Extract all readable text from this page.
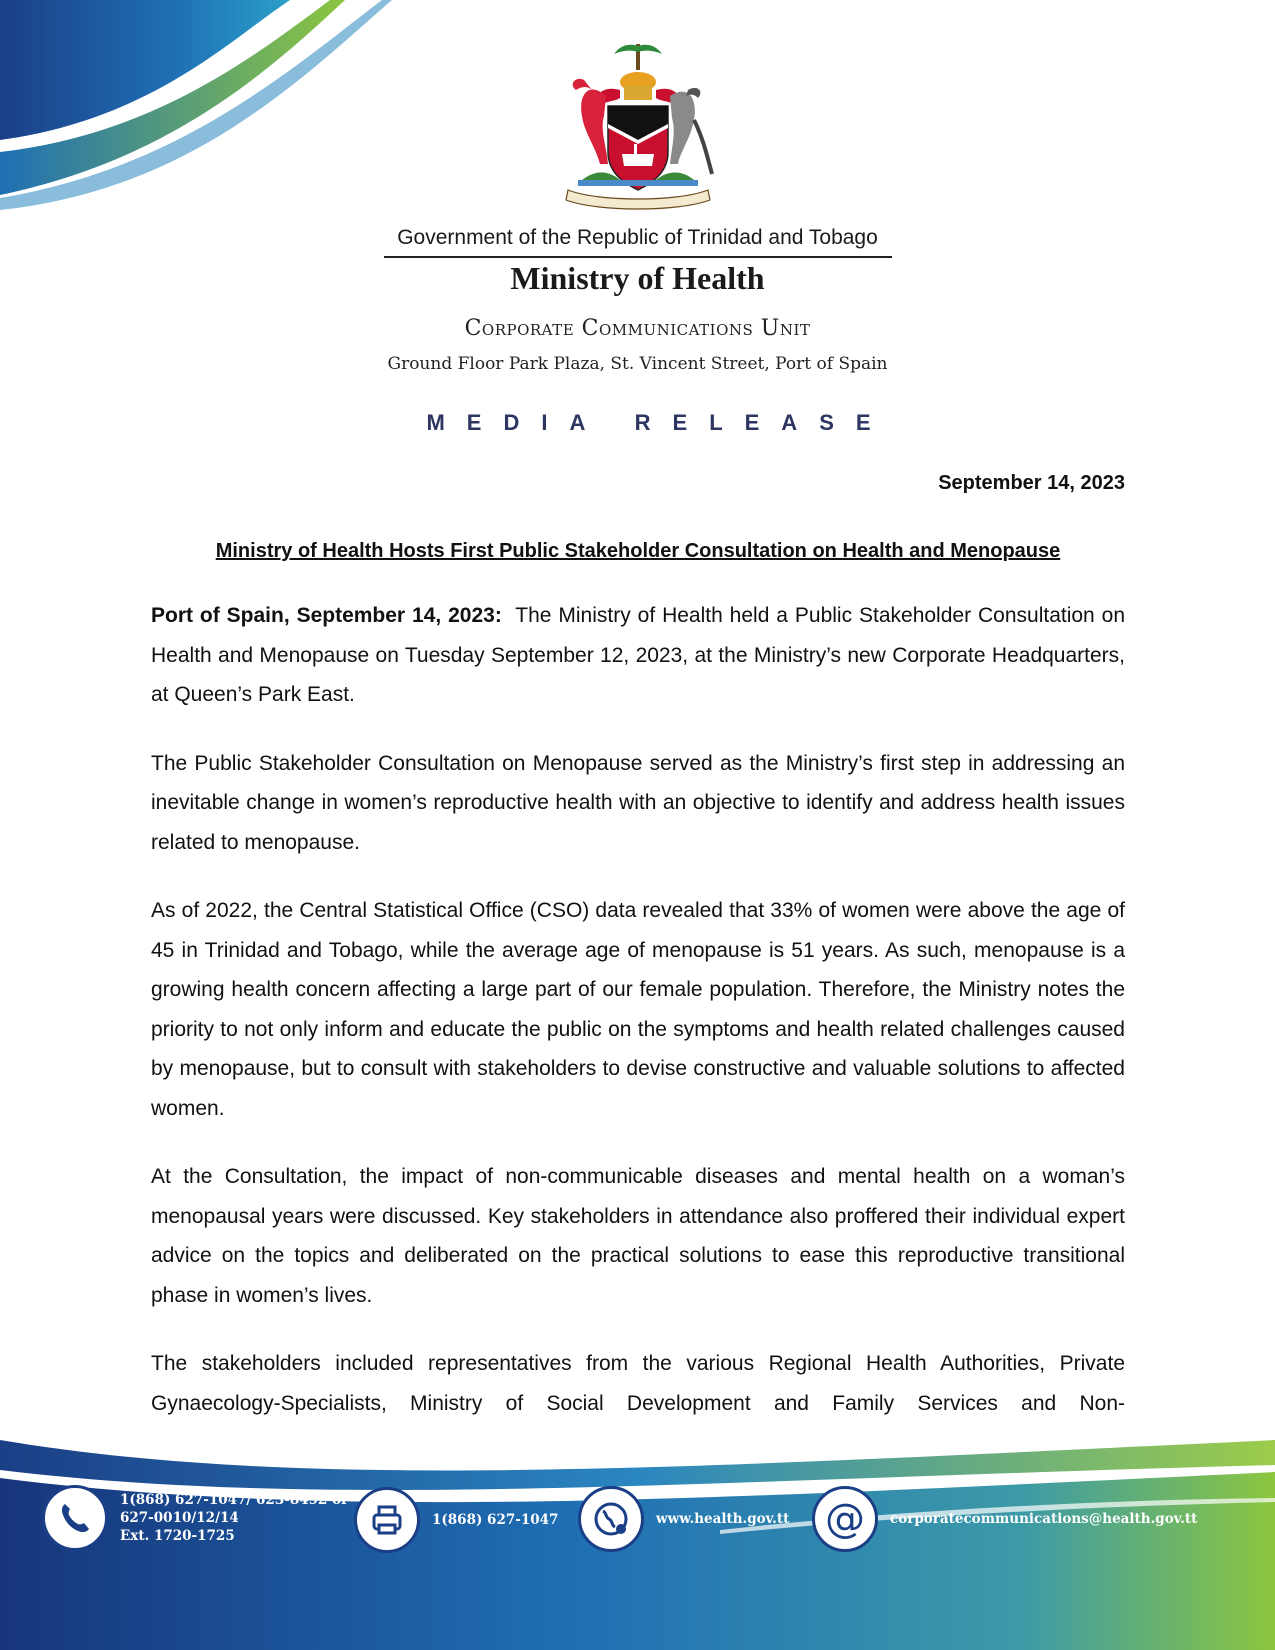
Government of the Republic of Trinidad and Tobago
Ministry of Health
Corporate Communications Unit
Ground Floor Park Plaza, St. Vincent Street, Port of Spain
MEDIA RELEASE
September 14, 2023
Ministry of Health Hosts First Public Stakeholder Consultation on Health and Menopause

Port of Spain, September 14, 2023: The Ministry of Health held a Public Stakeholder Consultation on Health and Menopause on Tuesday September 12, 2023, at the Ministry’s new Corporate Headquarters, at Queen’s Park East.

The Public Stakeholder Consultation on Menopause served as the Ministry’s first step in addressing an inevitable change in women’s reproductive health with an objective to identify and address health issues related to menopause.

As of 2022, the Central Statistical Office (CSO) data revealed that 33% of women were above the age of 45 in Trinidad and Tobago, while the average age of menopause is 51 years. As such, menopause is a growing health concern affecting a large part of our female population. Therefore, the Ministry notes the priority to not only inform and educate the public on the symptoms and health related challenges caused by menopause, but to consult with stakeholders to devise constructive and valuable solutions to affected women.

At the Consultation, the impact of non-communicable diseases and mental health on a woman’s menopausal years were discussed. Key stakeholders in attendance also proffered their individual expert advice on the topics and deliberated on the practical solutions to ease this reproductive transitional phase in women’s lives.

The stakeholders included representatives from the various Regional Health Authorities, Private Gynaecology-Specialists, Ministry of Social Development and Family Services and Non-

1(868) 627-1047/ 623-8492 or
627-0010/12/14
Ext. 1720-1725
1(868) 627-1047	www.health.gov.tt @ corporatecommunications@health.gov.tt
